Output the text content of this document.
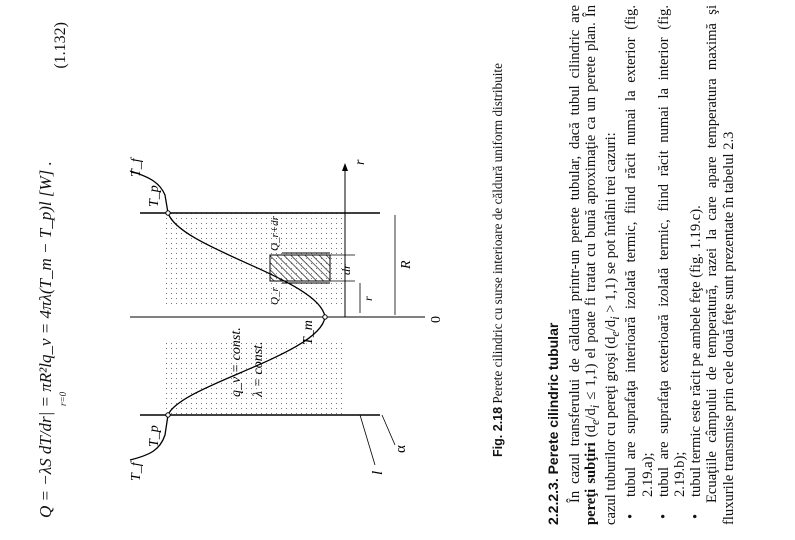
Q = −λS dT/dr| = πR²lq_v = 4πλ(T_m − T_p)l [W] . r=0
(1.132)
T_f
T_p
T_m
T_p
T_f
q_v = const. λ = const.
Q_r
Q_r+dr
dr
r
R
r
0
l
α	Fig. 2.18 Perete cilindric cu surse interioare de căldură uniform distribuite
2.2.2.3. Perete cilindric tubular În cazul transferului de căldură printr-un perete tubular, dacă tubul cilindric are pereţi subţiri $(d_e/d_i \le 1,1)$ el poate fi tratat cu bună aproximaţie ca un perete plan. În cazul tuburilor cu pereţi groşi $(d_e/d_i > 1,1)$ se pot întâlni trei cazuri:

•
tubul are suprafaţa interioară izolată termic, fiind răcit numai la exterior (fig. 2.19.a);
•
tubul are suprafaţa exterioară izolată termic, fiind răcit numai la interior (fig. 2.19.b);
•
tubul termic este răcit pe ambele feţe (fig. 1.19.c). Ecuaţiile câmpului de temperatură, razei la care apare temperatura maximă şi fluxurile transmise prin cele două feţe sunt prezentate în tabelul 2.3
